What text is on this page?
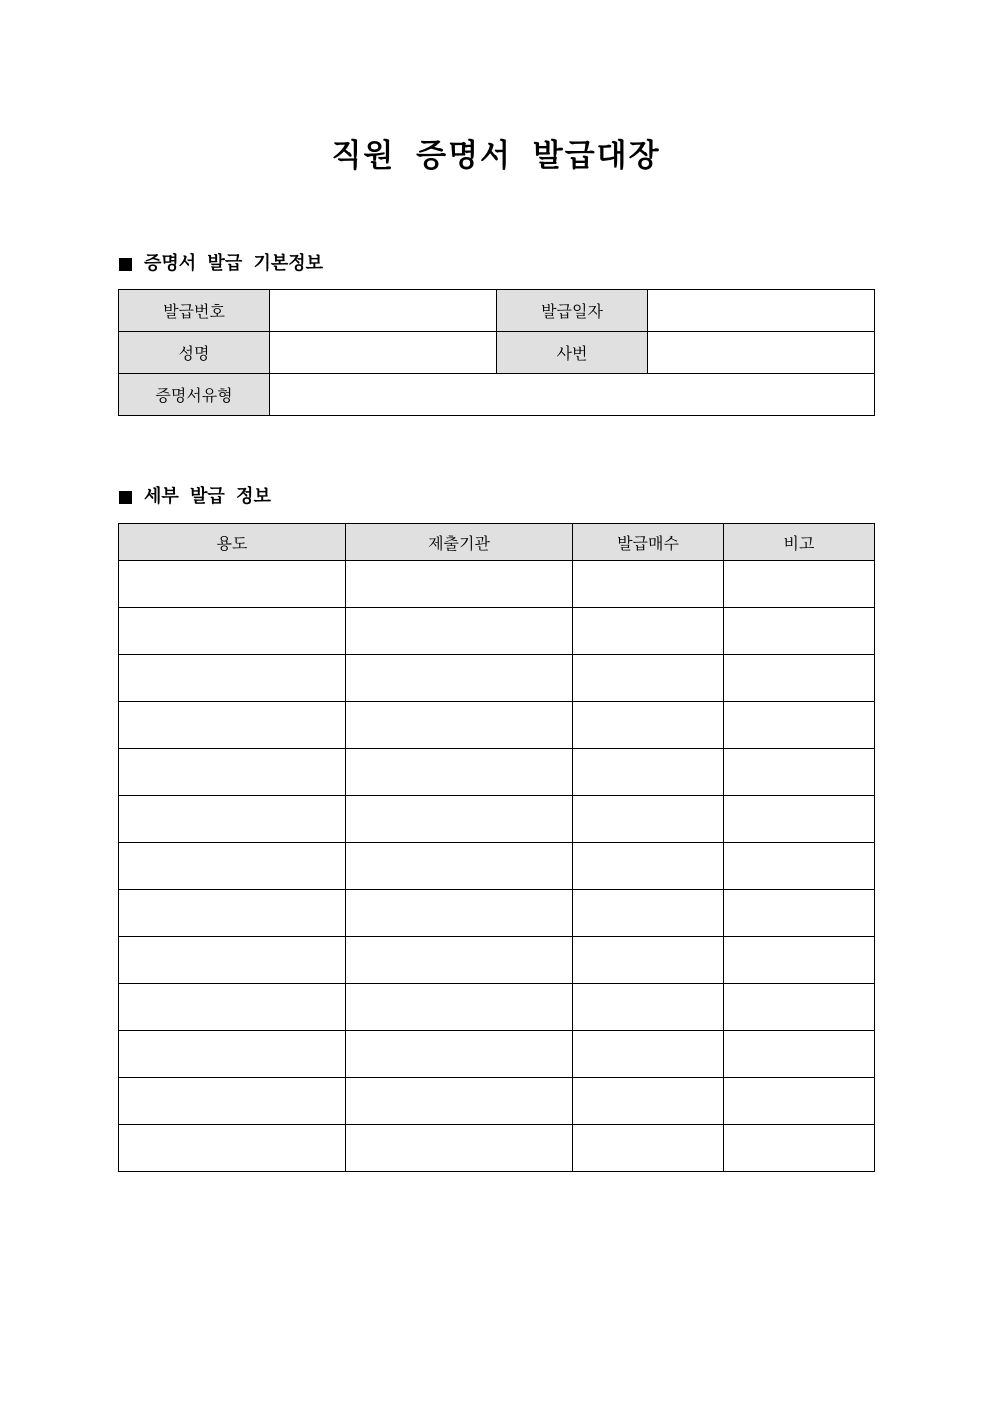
직원 증명서 발급대장
증명서 발급 기본정보
발급번호		발급일자	
성명		사번	
증명서유형			
세부 발급 정보
용도	제출기관	발급매수	비고
